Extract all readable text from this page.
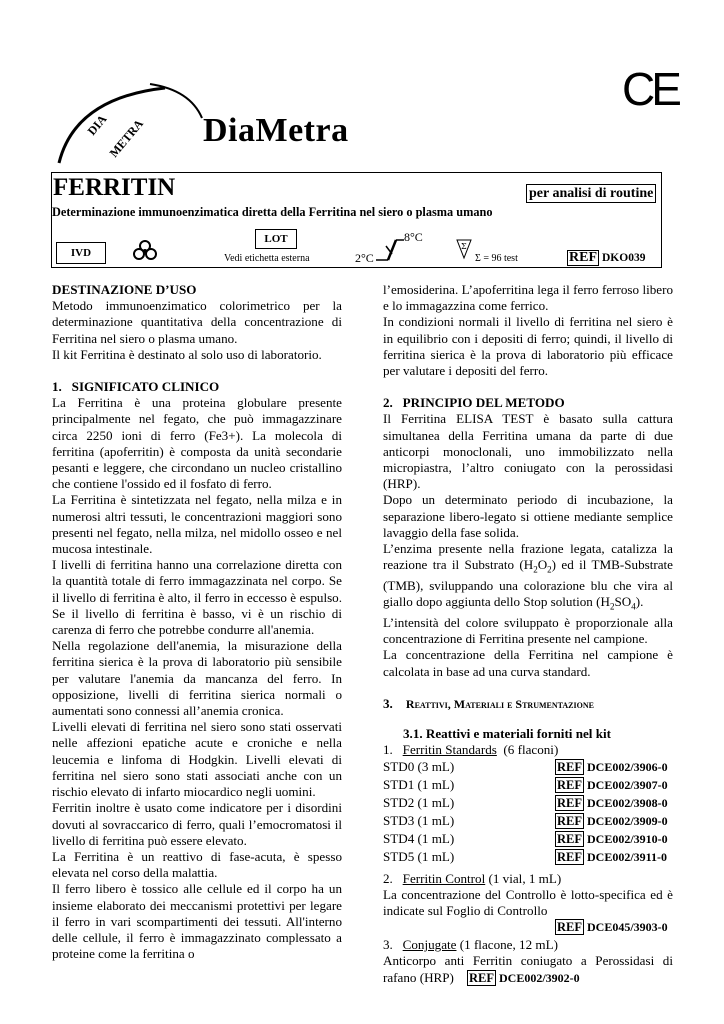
DIA
METRA DiaMetra
CE
FERRITIN	per analisi di routine
Determinazione immunoenzimatica diretta della Ferritina nel siero o plasma umano
IVD
LOT
Vedi etichetta esterna
8°C
2°C
Σ
Σ = 96 test	REF DKO039

DESTINAZIONE D’USO

Metodo immunoenzimatico colorimetrico per la determinazione quantitativa della concentrazione di Ferritina nel siero o plasma umano.

Il kit Ferritina è destinato al solo uso di laboratorio.

1. SIGNIFICATO CLINICO

La Ferritina è una proteina globulare presente principalmente nel fegato, che può immagazzinare circa 2250 ioni di ferro (Fe3+). La molecola di ferritina (apoferritin) è composta da unità secondarie pesanti e leggere, che circondano un nucleo cristallino che contiene l'ossido ed il fosfato di ferro.

La Ferritina è sintetizzata nel fegato, nella milza e in numerosi altri tessuti, le concentrazioni maggiori sono presenti nel fegato, nella milza, nel midollo osseo e nel mucosa intestinale.

I livelli di ferritina hanno una correlazione diretta con la quantità totale di ferro immagazzinata nel corpo. Se il livello di ferritina è alto, il ferro in eccesso è espulso. Se il livello di ferritina è basso, vi è un rischio di carenza di ferro che potrebbe condurre all'anemia.

Nella regolazione dell'anemia, la misurazione della ferritina sierica è la prova di laboratorio più sensibile per valutare l'anemia da mancanza del ferro. In opposizione, livelli di ferritina sierica normali o aumentati sono connessi all’anemia cronica.

Livelli elevati di ferritina nel siero sono stati osservati nelle affezioni epatiche acute e croniche e nella leucemia e linfoma di Hodgkin. Livelli elevati di ferritina nel siero sono stati associati anche con un rischio elevato di infarto miocardico negli uomini.

Ferritin inoltre è usato come indicatore per i disordini dovuti al sovraccarico di ferro, quali l’emocromatosi il livello di ferritina può essere elevato.

La Ferritina è un reattivo di fase-acuta, è spesso elevata nel corso della malattia.

Il ferro libero è tossico alle cellule ed il corpo ha un insieme elaborato dei meccanismi protettivi per legare il ferro in vari scompartimenti dei tessuti. All'interno delle cellule, il ferro è immagazzinato complessato a proteine come la ferritina o

l’emosiderina. L’apoferritina lega il ferro ferroso libero e lo immagazzina come ferrico.

In condizioni normali il livello di ferritina nel siero è in equilibrio con i depositi di ferro; quindi, il livello di ferritina sierica è la prova di laboratorio più efficace per valutare i depositi del ferro.

2. PRINCIPIO DEL METODO

Il Ferritina ELISA TEST è basato sulla cattura simultanea della Ferritina umana da parte di due anticorpi monoclonali, uno immobilizzato nella micropiastra, l’altro coniugato con la perossidasi (HRP).

Dopo un determinato periodo di incubazione, la separazione libero-legato si ottiene mediante semplice lavaggio della fase solida.

L’enzima presente nella frazione legata, catalizza la reazione tra il Substrato $(H_2O_2)$ ed il TMB-Substrate (TMB), sviluppando una colorazione blu che vira al giallo dopo aggiunta dello Stop solution $(H_2SO_4)$.

L’intensità del colore sviluppato è proporzionale alla concentrazione di Ferritina presente nel campione.

La concentrazione della Ferritina nel campione è calcolata in base ad una curva standard.

3. Reattivi, Materiali e Strumentazione

3.1. Reattivi e materiali forniti nel kit

1. Ferritin Standards (6 flaconi)

STD0 (3 mL)	REF DCE002/3906-0
STD1 (1 mL)	REF DCE002/3907-0
STD2 (1 mL)	REF DCE002/3908-0
STD3 (1 mL)	REF DCE002/3909-0
STD4 (1 mL)	REF DCE002/3910-0
STD5 (1 mL)	REF DCE002/3911-0

2. Ferritin Control (1 vial, 1 mL)

La concentrazione del Controllo è lotto-specifica ed è indicate sul Foglio di Controllo

REF DCE045/3903-0

3. Conjugate (1 flacone, 12 mL)

Anticorpo anti Ferritin coniugato a Perossidasi di rafano (HRP) REF DCE002/3902-0
